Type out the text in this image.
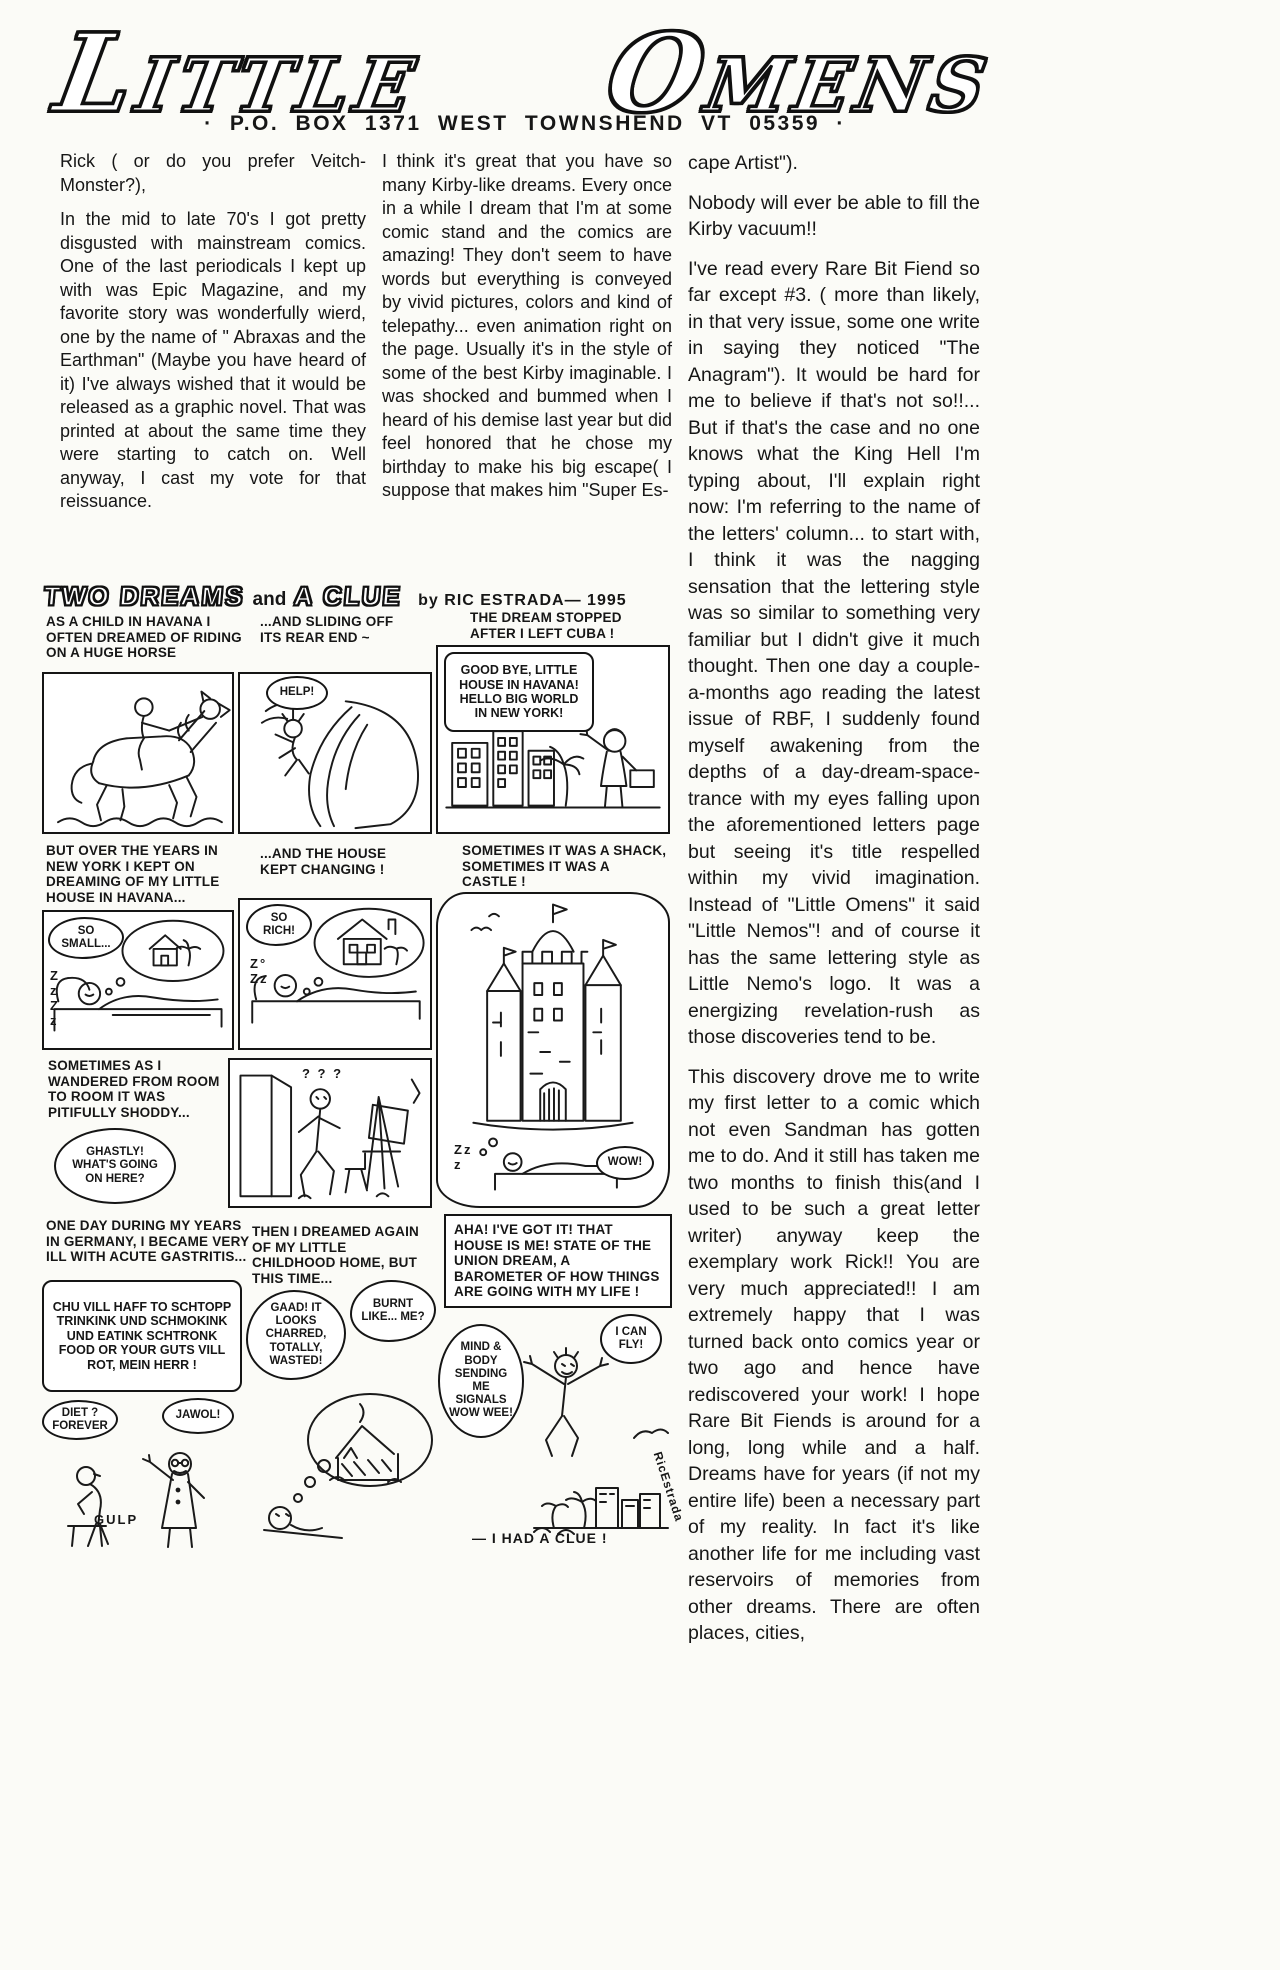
LITTLE OMENS
· P.O. BOX 1371 WEST TOWNSHEND VT 05359 ·

Rick ( or do you prefer Veitch-Monster?),

In the mid to late 70's I got pretty disgusted with mainstream comics. One of the last periodicals I kept up with was Epic Magazine, and my favorite story was wonderfully wierd, one by the name of " Abraxas and the Earthman" (Maybe you have heard of it) I've always wished that it would be released as a graphic novel. That was printed at about the same time they were starting to catch on. Well anyway, I cast my vote for that reissuance.

I think it's great that you have so many Kirby-like dreams. Every once in a while I dream that I'm at some comic stand and the comics are amazing! They don't seem to have words but everything is conveyed by vivid pictures, colors and kind of telepathy... even animation right on the page. Usually it's in the style of some of the best Kirby imaginable. I was shocked and bummed when I heard of his demise last year but did feel honored that he chose my birthday to make his big escape( I suppose that makes him "Super Es-

cape Artist").

Nobody will ever be able to fill the Kirby vacuum!!

I've read every Rare Bit Fiend so far except #3. ( more than likely, in that very issue, some one write in saying they noticed "The Anagram"). It would be hard for me to believe if that's not so!!... But if that's the case and no one knows what the King Hell I'm typing about, I'll explain right now: I'm referring to the name of the letters' column... to start with, I think it was the nagging sensation that the lettering style was so similar to something very familiar but I didn't give it much thought. Then one day a couple-a-months ago reading the latest issue of RBF, I suddenly found myself awakening from the depths of a day-dream-space-trance with my eyes falling upon the aforementioned letters page but seeing it's title respelled within my vivid imagination. Instead of "Little Omens" it said "Little Nemos"! and of course it has the same lettering style as Little Nemo's logo. It was a energizing revelation-rush as those discoveries tend to be.

This discovery drove me to write my first letter to a comic which not even Sandman has gotten me to do. And it still has taken me two months to finish this(and I used to be such a great letter writer) anyway keep the exemplary work Rick!! You are very much appreciated!! I am extremely happy that I was turned back onto comics year or two ago and hence have rediscovered your work! I hope Rare Bit Fiends is around for a long, long while and a half. Dreams have for years (if not my entire life) been a necessary part of my reality. In fact it's like another life for me including vast reservoirs of memories from other dreams. There are often places, cities,

TWO DREAMS and A CLUE by RIC ESTRADA— 1995
AS A CHILD IN HAVANA I OFTEN DREAMED OF RIDING ON A HUGE HORSE
...AND SLIDING OFF ITS REAR END ~
THE DREAM STOPPED AFTER I LEFT CUBA !
HELP!
GOOD BYE, LITTLE HOUSE IN HAVANA! HELLO BIG WORLD IN NEW YORK!
BUT OVER THE YEARS IN NEW YORK I KEPT ON DREAMING OF MY LITTLE HOUSE IN HAVANA...
...AND THE HOUSE KEPT CHANGING !
SOMETIMES IT WAS A SHACK, SOMETIMES IT WAS A CASTLE !
SO SMALL...
Z z Z z
SO RICH!
Z° Zz
WOW!
Zz z
SOMETIMES AS I WANDERED FROM ROOM TO ROOM IT WAS PITIFULLY SHODDY...
GHASTLY! WHAT'S GOING ON HERE?
? ? ?
ONE DAY DURING MY YEARS IN GERMANY, I BECAME VERY ILL WITH ACUTE GASTRITIS...
THEN I DREAMED AGAIN OF MY LITTLE CHILDHOOD HOME, BUT THIS TIME...
AHA! I'VE GOT IT! THAT HOUSE IS ME! STATE OF THE UNION DREAM, A BAROMETER OF HOW THINGS ARE GOING WITH MY LIFE !
CHU VILL HAFF TO SCHTOPP TRINKINK UND SCHMOKINK UND EATINK SCHTRONK FOOD OR YOUR GUTS VILL ROT, MEIN HERR !
DIET ? FOREVER
JAWOL!
GULP
GAAD! IT LOOKS CHARRED, TOTALLY, WASTED!
BURNT LIKE... ME?
MIND & BODY SENDING ME SIGNALS WOW WEE!
I CAN FLY!
— I HAD A CLUE !
RicEstrada
